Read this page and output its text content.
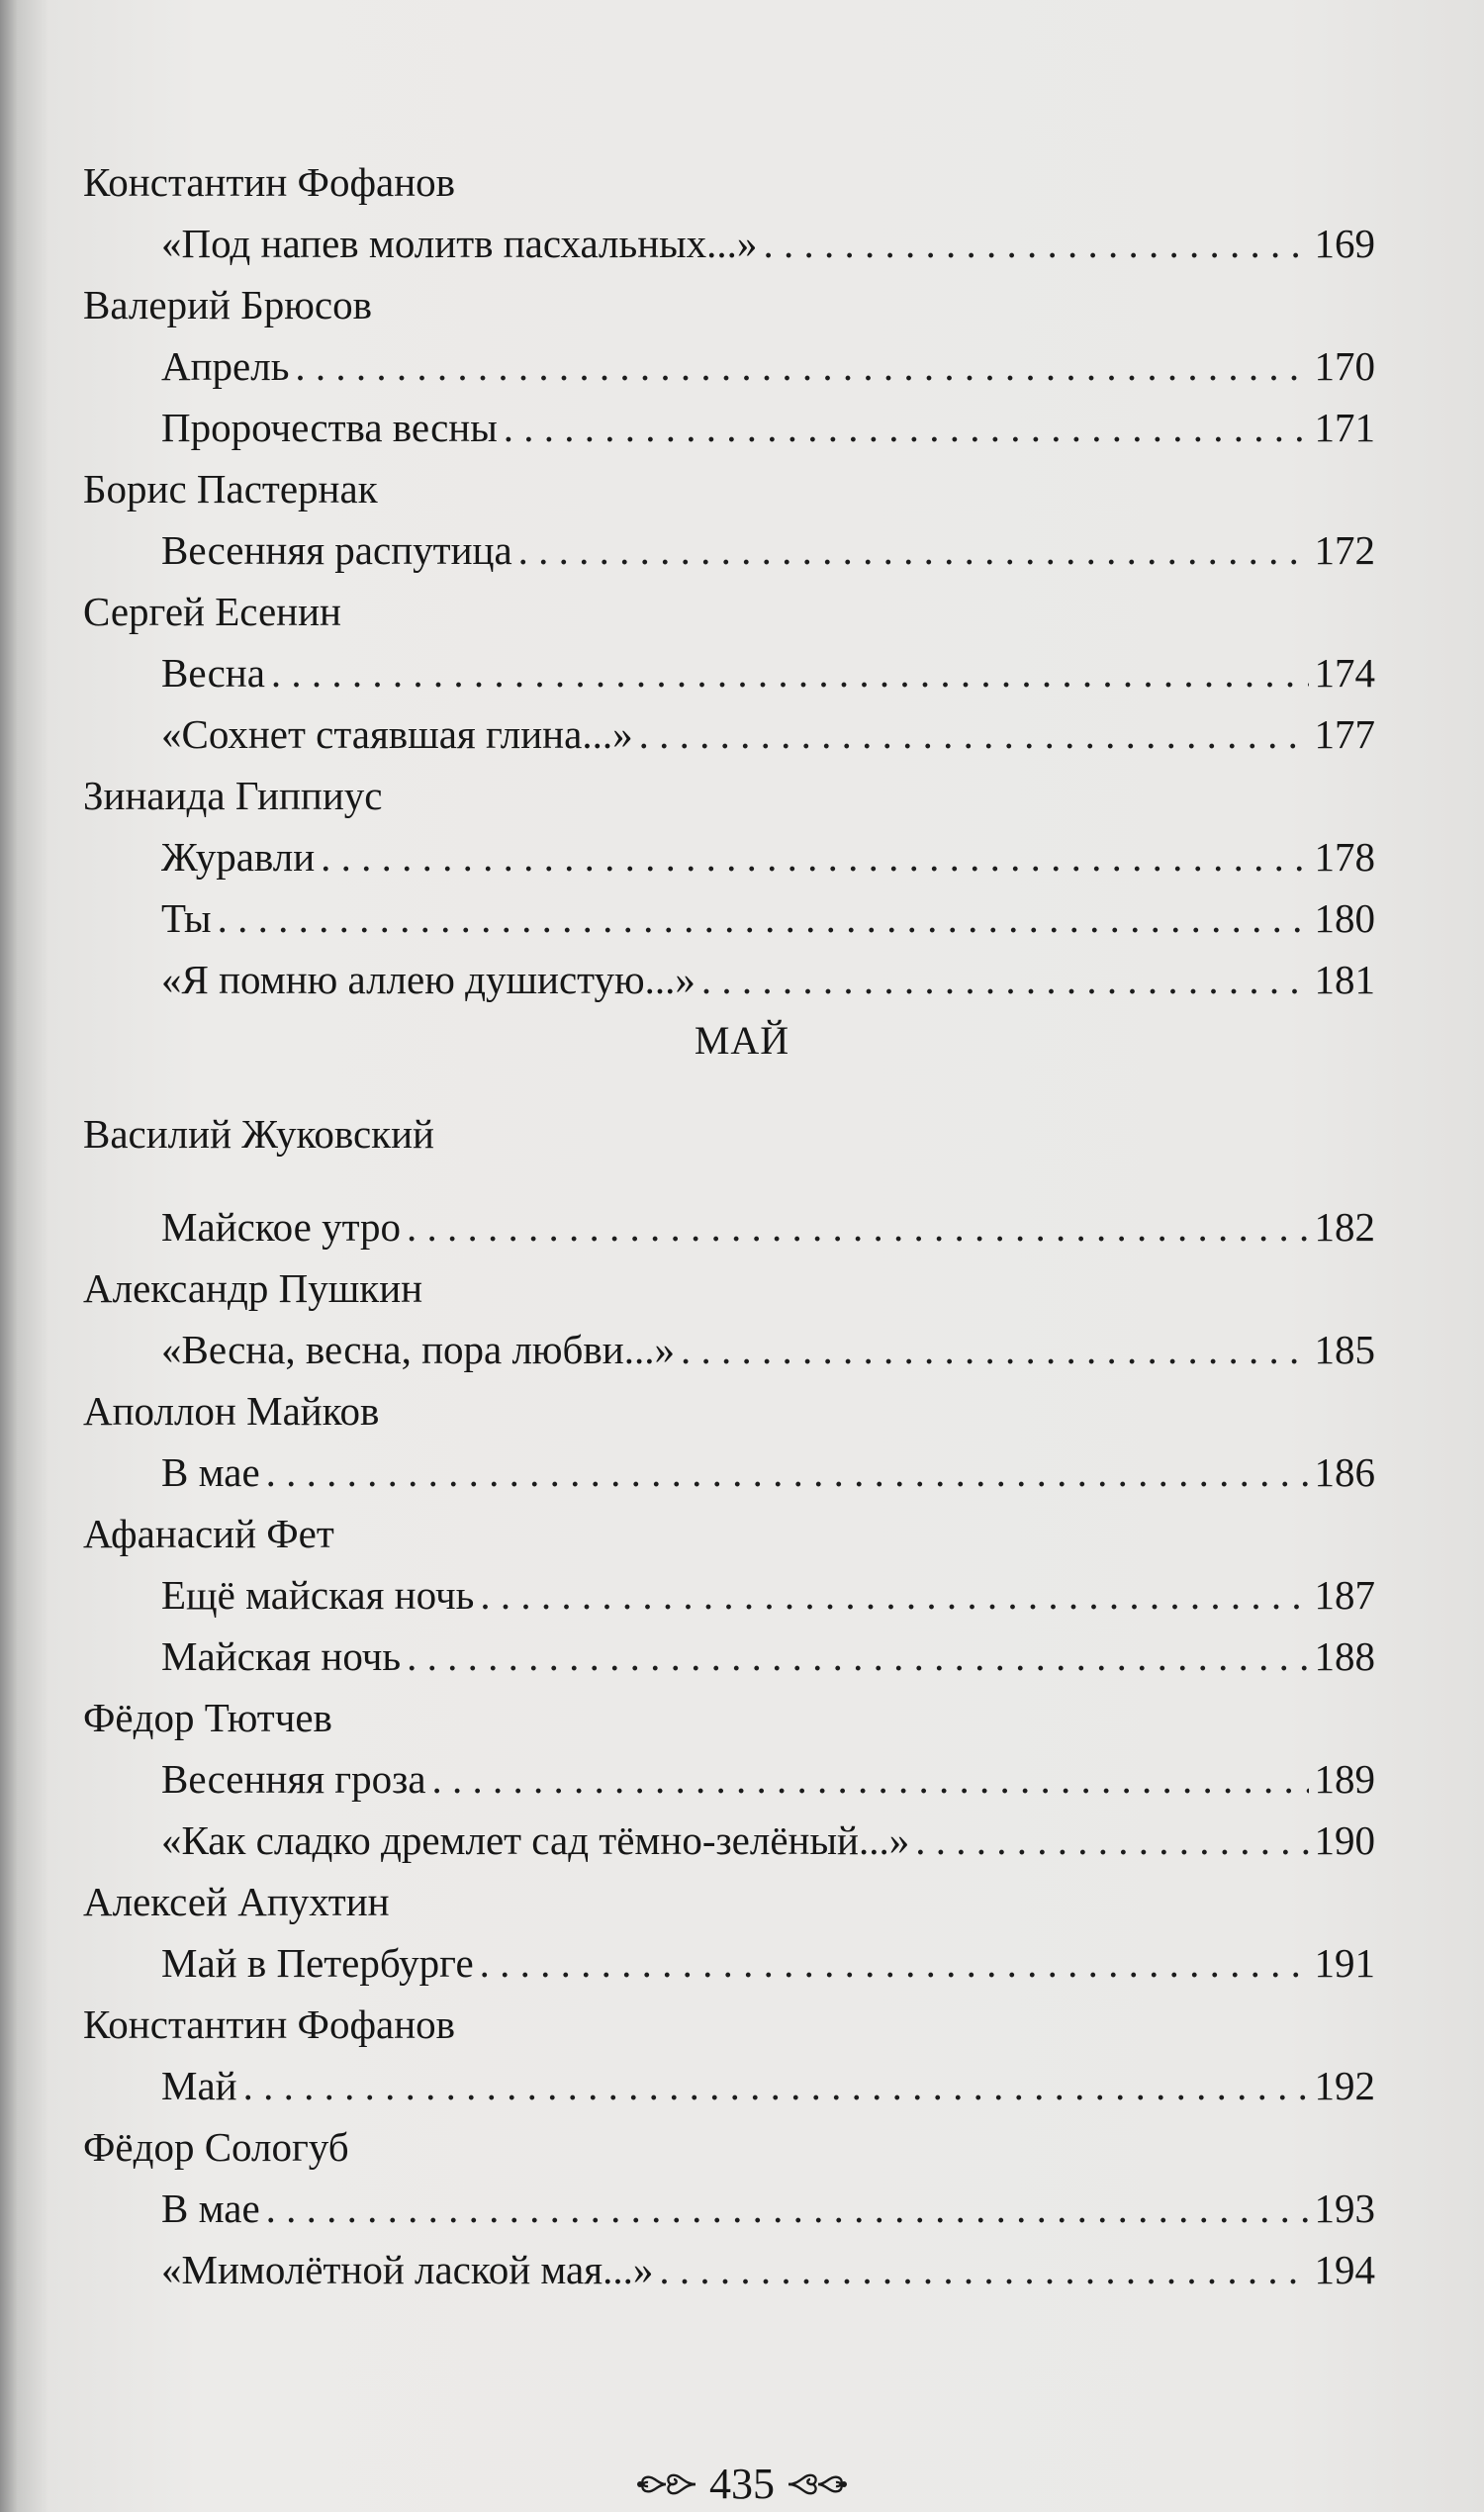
Константин Фофанов
«Под напев молитв пасхальных...» . . .	169
Валерий Брюсов
Апрель . . .	170
Пророчества весны . . .	171
Борис Пастернак
Весенняя распутица . . .	172
Сергей Есенин
Весна . . .	174
«Сохнет стаявшая глина...» . . .	177
Зинаида Гиппиус
Журавли . . .	178
Ты . . .	180
«Я помню аллею душистую...» . . .	181
МАЙ
Василий Жуковский
Майское утро . . .	182
Александр Пушкин
«Весна, весна, пора любви...» . . .	185
Аполлон Майков
В мае . . .	186
Афанасий Фет
Ещё майская ночь . . .	187
Майская ночь . . .	188
Фёдор Тютчев
Весенняя гроза . . .	189
«Как сладко дремлет сад тёмно-зелёный...» . . .	190
Алексей Апухтин
Май в Петербурге . . .	191
Константин Фофанов
Май . . .	192
Фёдор Сологуб
В мае . . .	193
«Мимолётной лаской мая...» . . .	194
435
